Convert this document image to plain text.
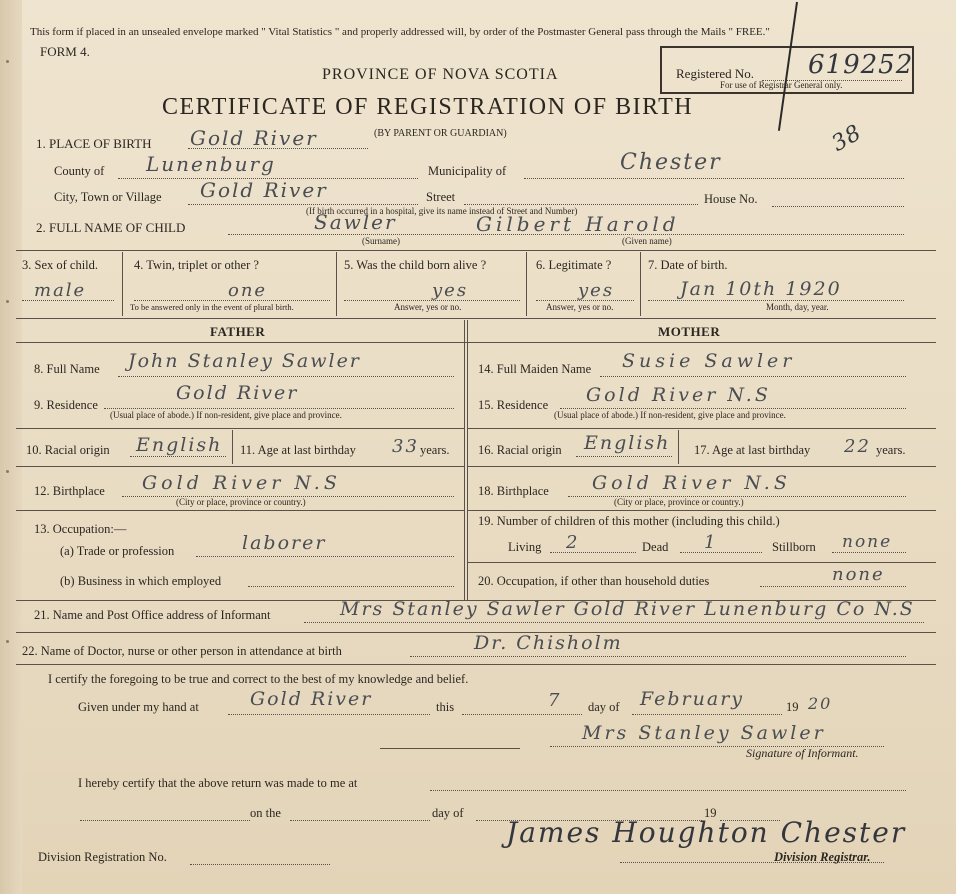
This form if placed in an unsealed envelope marked " Vital Statistics " and properly addressed will, by order of the Postmaster General pass through the Mails " FREE."
FORM 4.
PROVINCE OF NOVA SCOTIA
CERTIFICATE OF REGISTRATION OF BIRTH
Registered No. 619252
For use of Registrar General only.
1. PLACE OF BIRTH Gold River	(BY PARENT OR GUARDIAN)	38
County of Lunenburg	Municipality of	Chester
City, Town or Village Gold River	Street	House No.
(If birth occurred in a hospital, give its name instead of Street and Number)
2. FULL NAME OF CHILD	Sawler	Gilbert Harold
(Surname)	(Given name)
3. Sex of child.
male
4. Twin, triplet or other ?
one
To be answered only in the event of plural birth.
5. Was the child born alive ?
yes
Answer, yes or no.
6. Legitimate ?
yes
Answer, yes or no.
7. Date of birth.
Jan 10th 1920
Month, day, year.
FATHER	MOTHER
8. Full Name John Stanley Sawler
9. Residence
Gold River
(Usual place of abode.) If non-resident, give place and province.
10. Racial origin English 11. Age at last birthday 33 years.
12. Birthplace Gold River N.S
(City or place, province or country.)
13. Occupation:—
(a) Trade or profession	laborer
(b) Business in which employed
14. Full Maiden Name Susie Sawler
15. Residence Gold River N.S
(Usual place of abode.) If non-resident, give place and province.
16. Racial origin English 17. Age at last birthday 22 years.
18. Birthplace Gold River N.S
(City or place, province or country.)
19. Number of children of this mother (including this child.)
Living 2	Dead 1	Stillborn none
20. Occupation, if other than household duties	none
21. Name and Post Office address of Informant	Mrs Stanley Sawler Gold River Lunenburg Co N.S
22. Name of Doctor, nurse or other person in attendance at birth	Dr. Chisholm
I certify the foregoing to be true and correct to the best of my knowledge and belief.
Given under my hand at	Gold River	this	7 day of February	19 20
Mrs Stanley Sawler
Signature of Informant.
I hereby certify that the above return was made to me at
on the	day of	19
James Houghton Chester
Division Registrar.
Division Registration No.
